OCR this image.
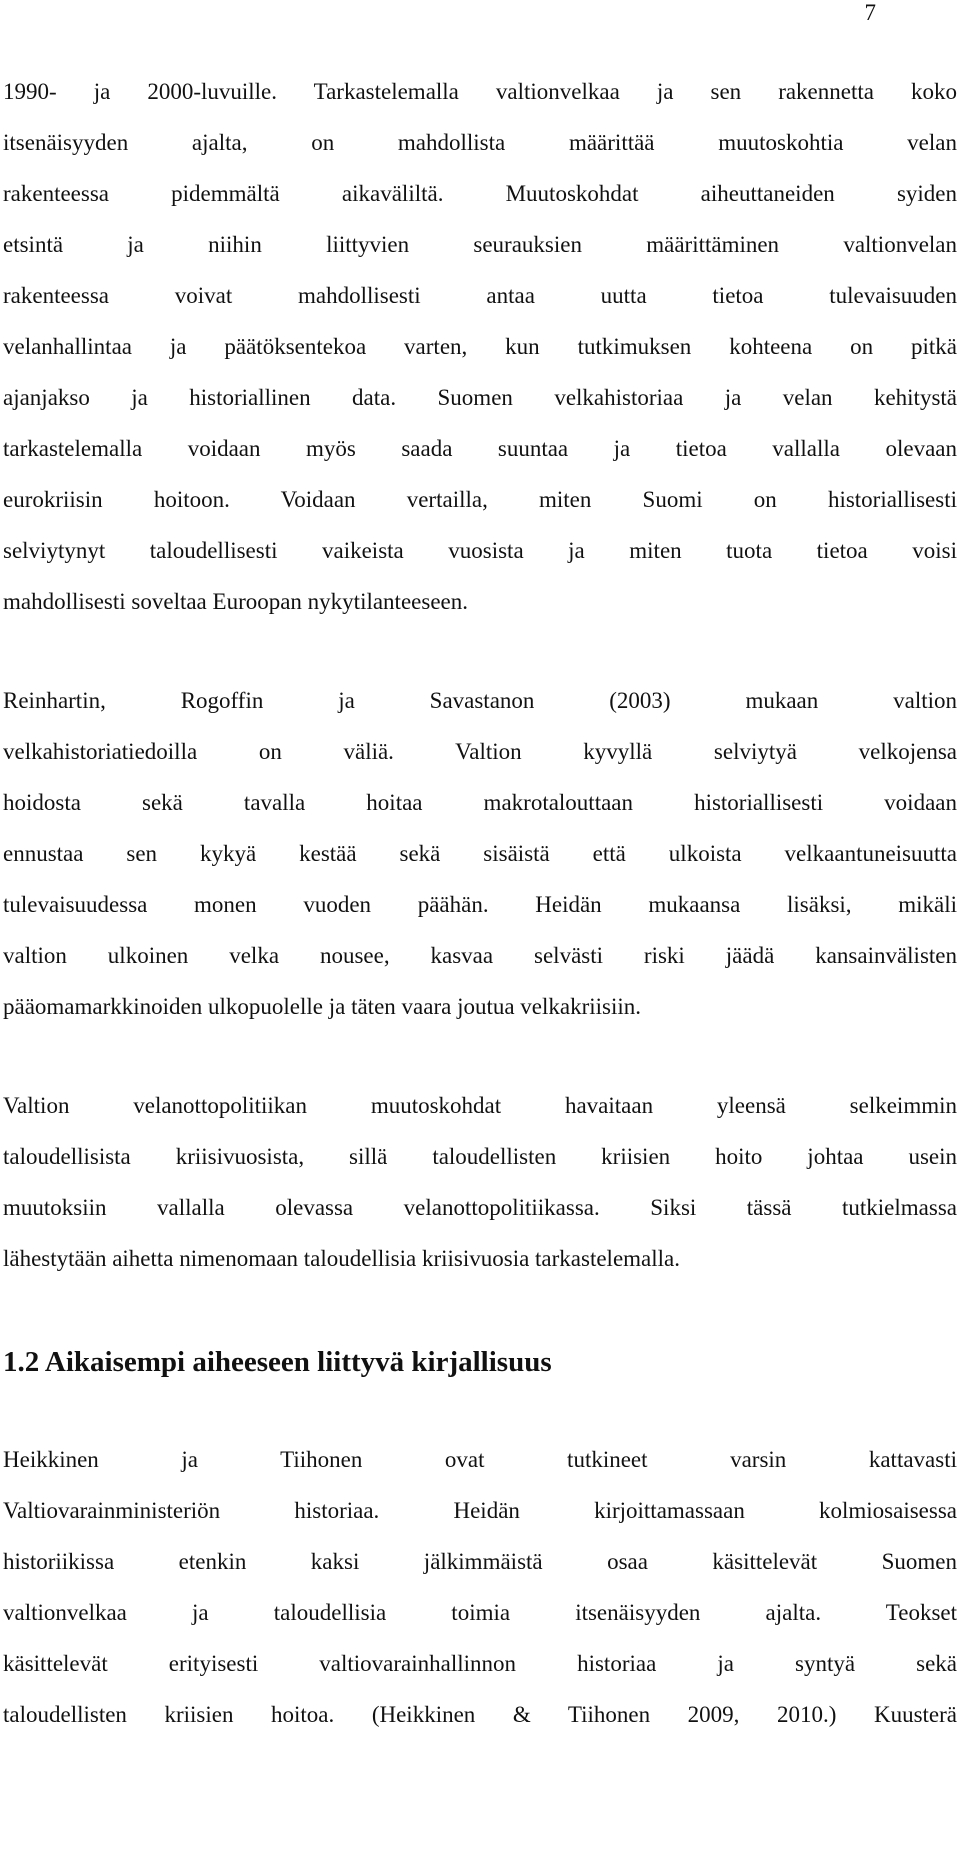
7

1990- ja 2000-luvuille. Tarkastelemalla valtionvelkaa ja sen rakennetta koko
itsenäisyyden ajalta, on mahdollista määrittää muutoskohtia velan
rakenteessa pidemmältä aikaväliltä. Muutoskohdat aiheuttaneiden syiden
etsintä ja niihin liittyvien seurauksien määrittäminen valtionvelan
rakenteessa voivat mahdollisesti antaa uutta tietoa tulevaisuuden
velanhallintaa ja päätöksentekoa varten, kun tutkimuksen kohteena on pitkä
ajanjakso ja historiallinen data. Suomen velkahistoriaa ja velan kehitystä
tarkastelemalla voidaan myös saada suuntaa ja tietoa vallalla olevaan
eurokriisin hoitoon. Voidaan vertailla, miten Suomi on historiallisesti
selviytynyt taloudellisesti vaikeista vuosista ja miten tuota tietoa voisi
mahdollisesti soveltaa Euroopan nykytilanteeseen.

Reinhartin, Rogoffin ja Savastanon (2003) mukaan valtion
velkahistoriatiedoilla on väliä. Valtion kyvyllä selviytyä velkojensa
hoidosta sekä tavalla hoitaa makrotalouttaan historiallisesti voidaan
ennustaa sen kykyä kestää sekä sisäistä että ulkoista velkaantuneisuutta
tulevaisuudessa monen vuoden päähän. Heidän mukaansa lisäksi, mikäli
valtion ulkoinen velka nousee, kasvaa selvästi riski jäädä kansainvälisten
pääomamarkkinoiden ulkopuolelle ja täten vaara joutua velkakriisiin.

Valtion velanottopolitiikan muutoskohdat havaitaan yleensä selkeimmin
taloudellisista kriisivuosista, sillä taloudellisten kriisien hoito johtaa usein
muutoksiin vallalla olevassa velanottopolitiikassa. Siksi tässä tutkielmassa
lähestytään aihetta nimenomaan taloudellisia kriisivuosia tarkastelemalla.

1.2 Aikaisempi aiheeseen liittyvä kirjallisuus

Heikkinen ja Tiihonen ovat tutkineet varsin kattavasti
Valtiovarainministeriön historiaa. Heidän kirjoittamassaan kolmiosaisessa
historiikissa etenkin kaksi jälkimmäistä osaa käsittelevät Suomen
valtionvelkaa ja taloudellisia toimia itsenäisyyden ajalta. Teokset
käsittelevät erityisesti valtiovarainhallinnon historiaa ja syntyä sekä
taloudellisten kriisien hoitoa. (Heikkinen & Tiihonen 2009, 2010.) Kuusterä
